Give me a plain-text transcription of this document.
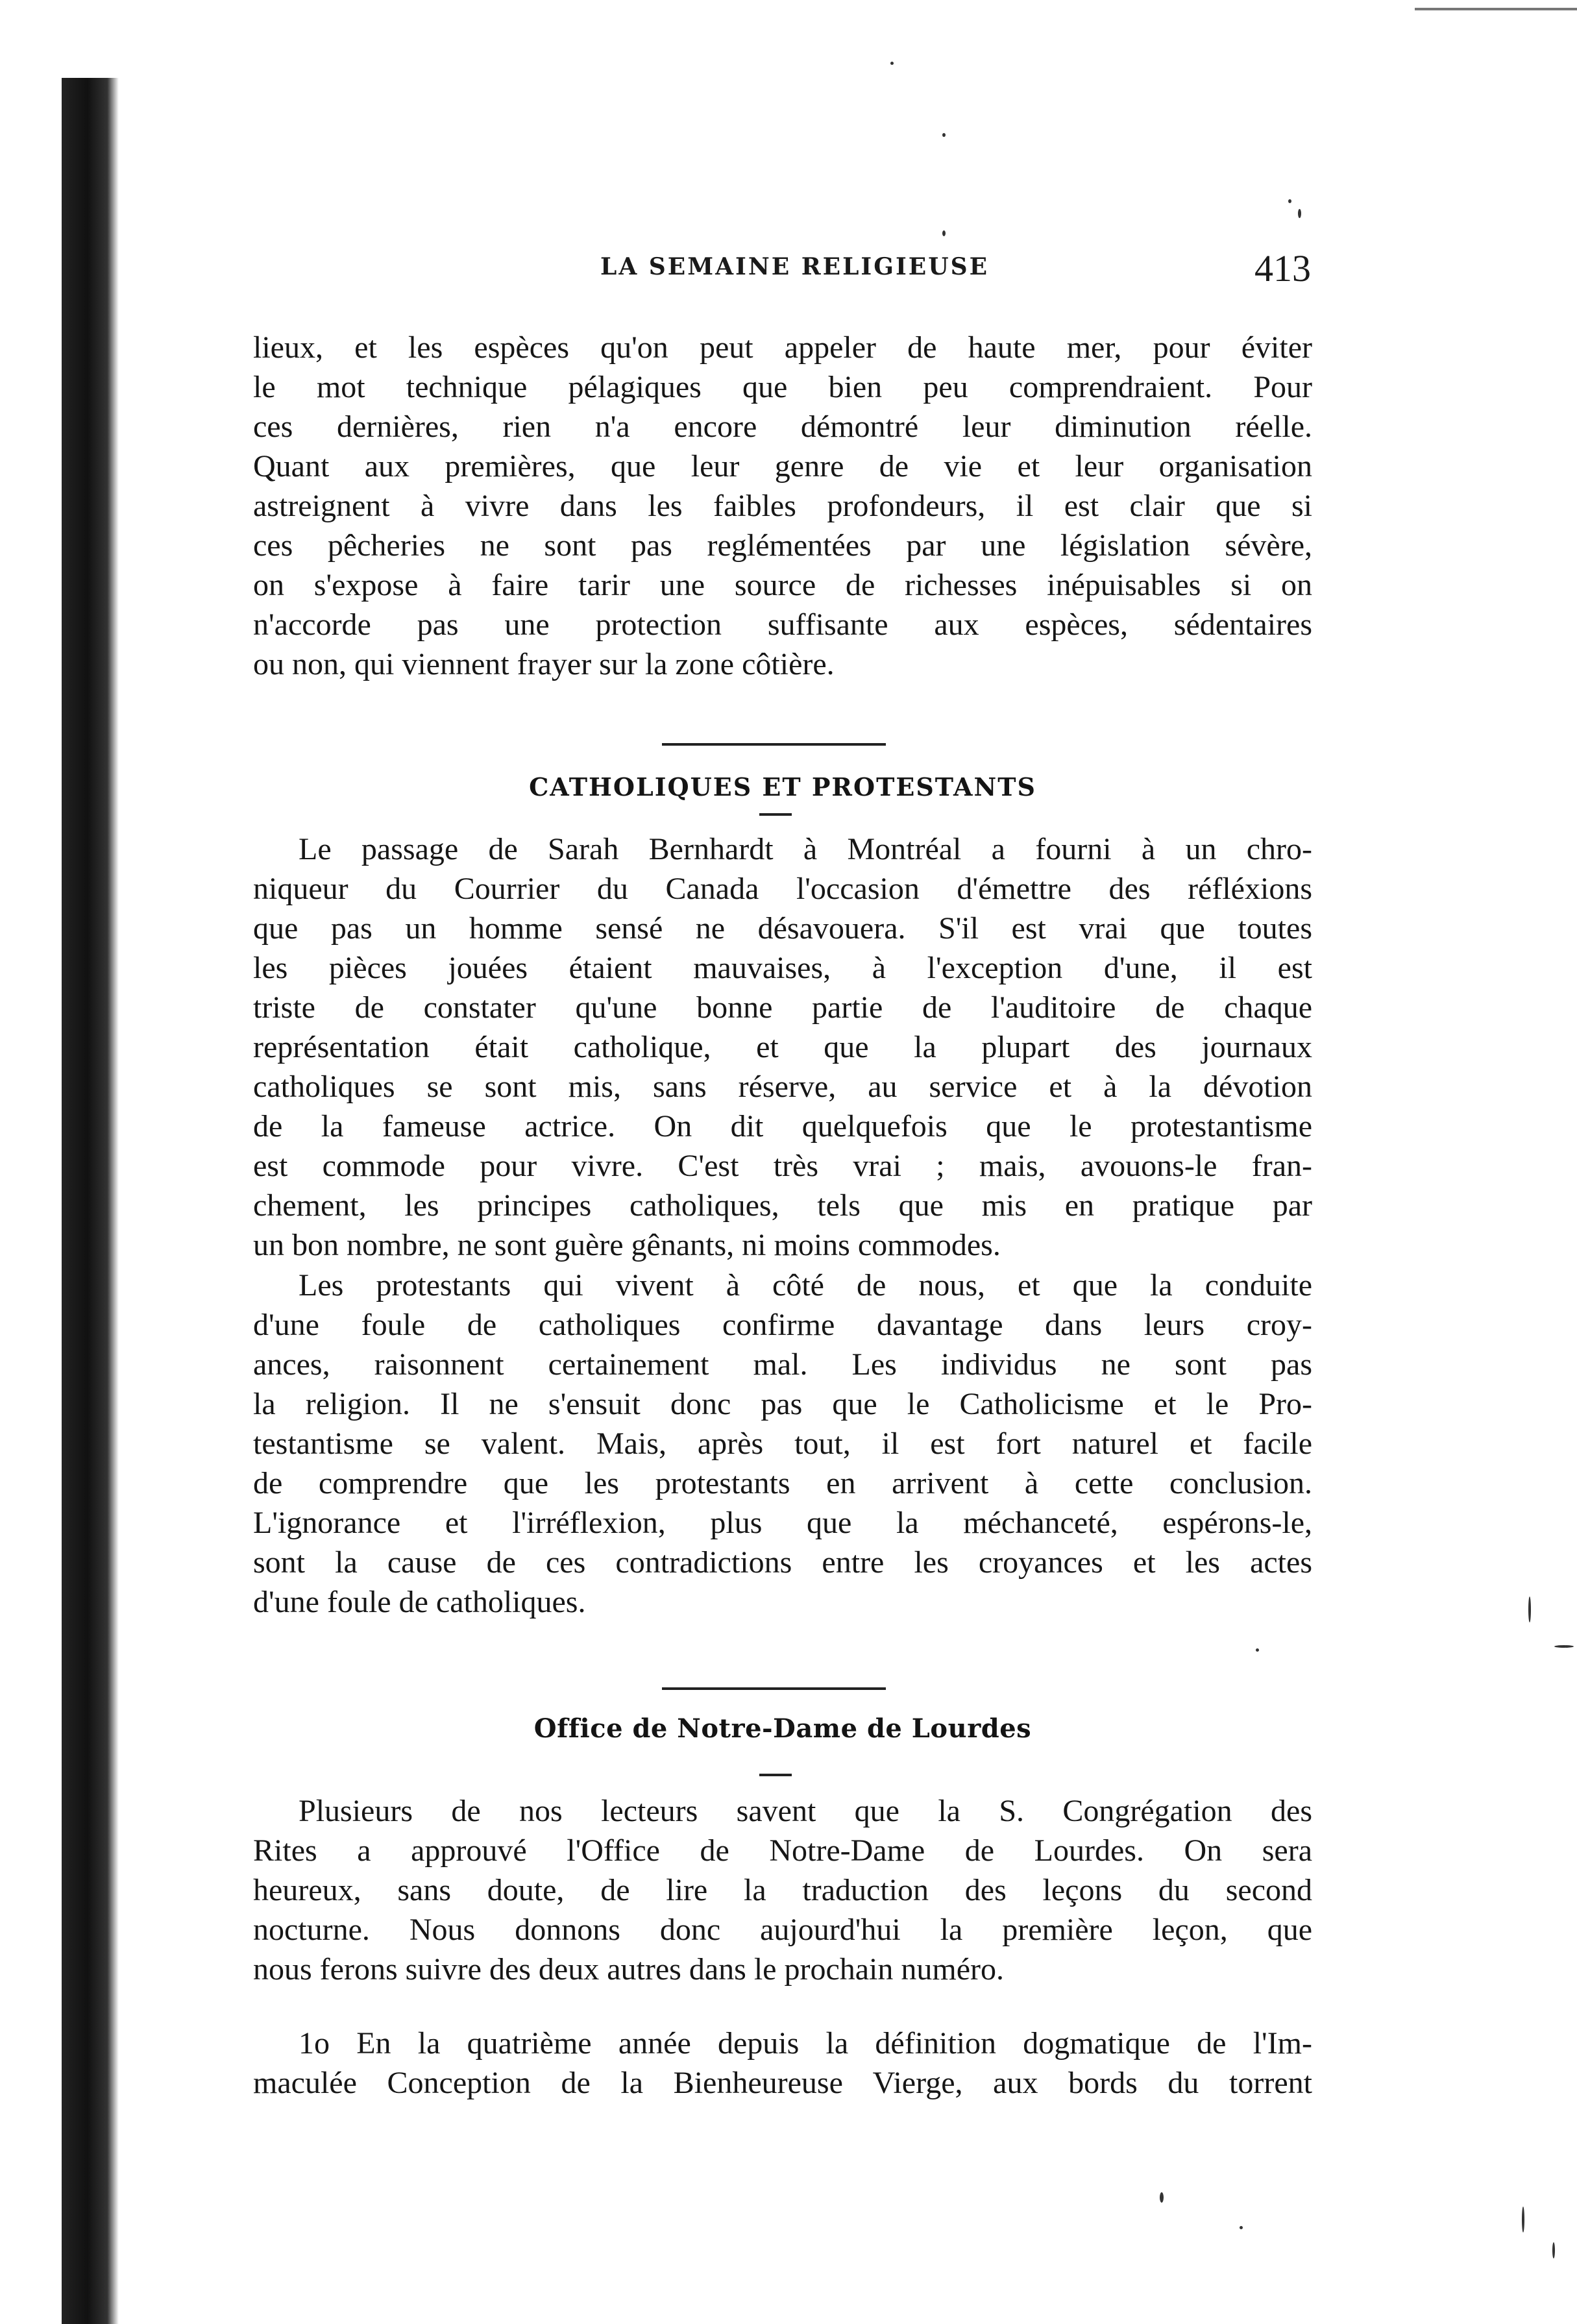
LA SEMAINE RELIGIEUSE	413
lieux, et les espèces qu'on peut appeler de haute mer, pour éviter
le mot technique pélagiques que bien peu comprendraient. Pour
ces dernières, rien n'a encore démontré leur diminution réelle.
Quant aux premières, que leur genre de vie et leur organisation
astreignent à vivre dans les faibles profondeurs, il est clair que si
ces pêcheries ne sont pas reglémentées par une législation sévère,
on s'expose à faire tarir une source de richesses inépuisables si on
n'accorde pas une protection suffisante aux espèces, sédentaires
ou non, qui viennent frayer sur la zone côtière.
CATHOLIQUES ET PROTESTANTS
Le passage de Sarah Bernhardt à Montréal a fourni à un chro-
niqueur du Courrier du Canada l'occasion d'émettre des réfléxions
que pas un homme sensé ne désavouera. S'il est vrai que toutes
les pièces jouées étaient mauvaises, à l'exception d'une, il est
triste de constater qu'une bonne partie de l'auditoire de chaque
représentation était catholique, et que la plupart des journaux
catholiques se sont mis, sans réserve, au service et à la dévotion
de la fameuse actrice. On dit quelquefois que le protestantisme
est commode pour vivre. C'est très vrai ; mais, avouons-le fran-
chement, les principes catholiques, tels que mis en pratique par
un bon nombre, ne sont guère gênants, ni moins commodes.
Les protestants qui vivent à côté de nous, et que la conduite
d'une foule de catholiques confirme davantage dans leurs croy-
ances, raisonnent certainement mal. Les individus ne sont pas
la religion. Il ne s'ensuit donc pas que le Catholicisme et le Pro-
testantisme se valent. Mais, après tout, il est fort naturel et facile
de comprendre que les protestants en arrivent à cette conclusion.
L'ignorance et l'irréflexion, plus que la méchanceté, espérons-le,
sont la cause de ces contradictions entre les croyances et les actes
d'une foule de catholiques.
Office de Notre-Dame de Lourdes
Plusieurs de nos lecteurs savent que la S. Congrégation des
Rites a approuvé l'Office de Notre-Dame de Lourdes. On sera
heureux, sans doute, de lire la traduction des leçons du second
nocturne. Nous donnons donc aujourd'hui la première leçon, que
nous ferons suivre des deux autres dans le prochain numéro.
1o En la quatrième année depuis la définition dogmatique de l'Im-
maculée Conception de la Bienheureuse Vierge, aux bords du torrent
